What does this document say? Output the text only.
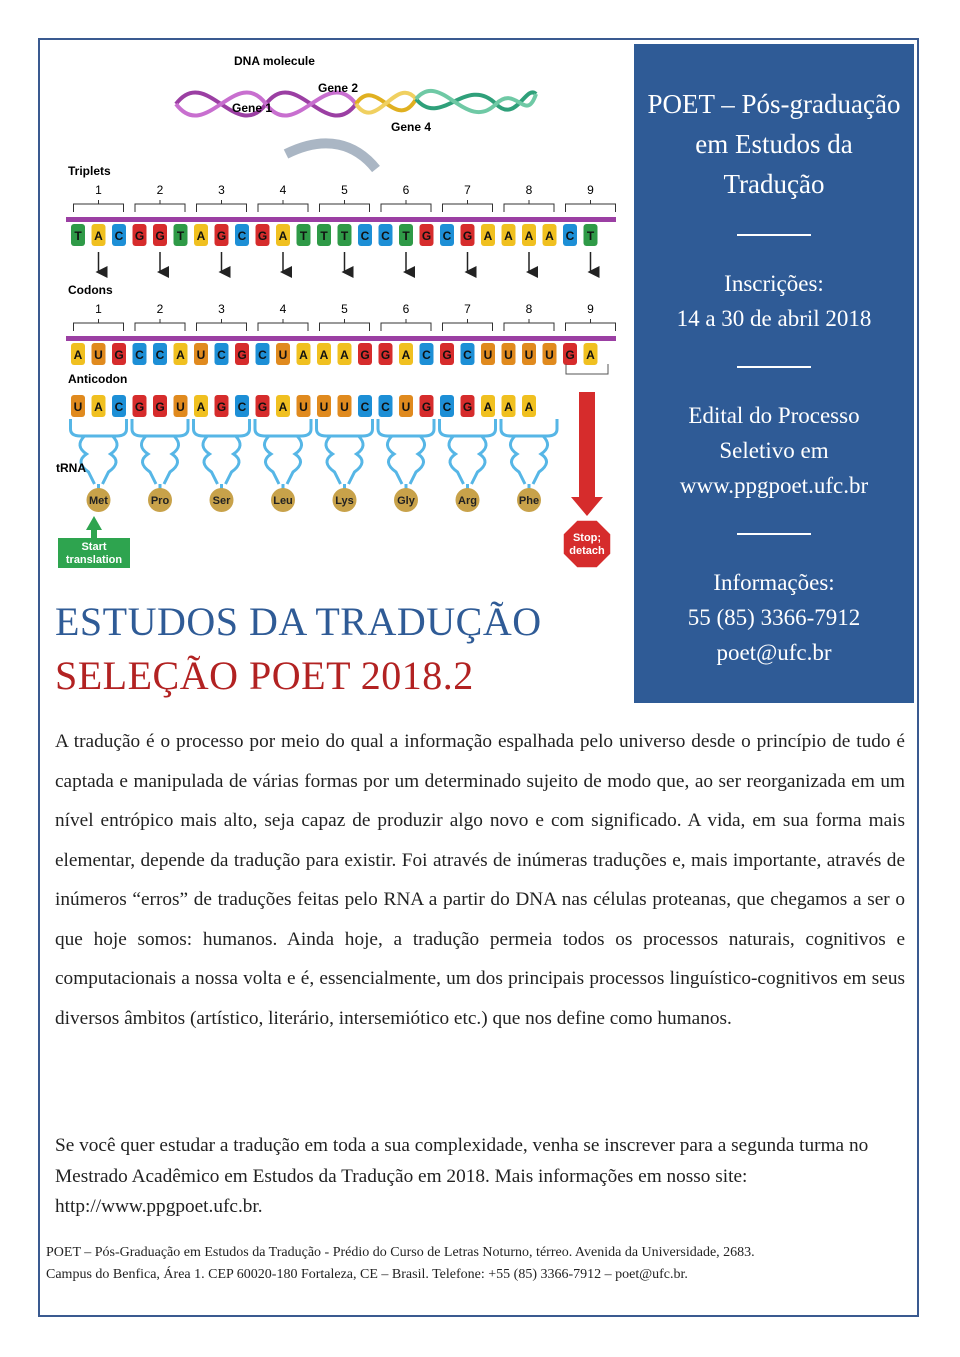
DNA molecule
Gene 1
Gene 2
Gene 4
Triplets
1	2	3	4	5	6	7	8	9
T A C G G T A G C G A T T T C C T G C G A A A A C T
Codons
1	2	3	4	5	6	7	8	9
A U G C C A U C G C U A A A G G A C G C U U U U G A
Anticodon
U A C G G U A G C G A U U U C C U G C G A A A
tRNA
Met	Pro	Ser	Leu	Lys	Gly	Arg	Phe
Start translation
Stop; detach
POET – Pós-graduação em Estudos da Tradução
Inscrições:
14 a 30 de abril 2018
Edital do Processo
Seletivo em
www.ppgpoet.ufc.br
Informações:
55 (85) 3366-7912
poet@ufc.br
ESTUDOS DA TRADUÇÃO
SELEÇÃO POET 2018.2

A tradução é o processo por meio do qual a informação espalhada pelo universo desde o princípio de tudo é captada e manipulada de várias formas por um determinado sujeito de modo que, ao ser reorganizada em um nível entrópico mais alto, seja capaz de produzir algo novo e com significado. A vida, em sua forma mais elementar, depende da tradução para existir. Foi através de inúmeras traduções e, mais importante, através de inúmeros “erros” de traduções feitas pelo RNA a partir do DNA nas células proteanas, que chegamos a ser o que hoje somos: humanos. Ainda hoje, a tradução permeia todos os processos naturais, cognitivos e computacionais a nossa volta e é, essencialmente, um dos principais processos linguístico-cognitivos em seus diversos âmbitos (artístico, literário, intersemiótico etc.) que nos define como humanos.

Se você quer estudar a tradução em toda a sua complexidade, venha se inscrever para a segunda turma no Mestrado Acadêmico em Estudos da Tradução em 2018. Mais informações em nosso site: http://www.ppgpoet.ufc.br.

POET – Pós-Graduação em Estudos da Tradução - Prédio do Curso de Letras Noturno, térreo. Avenida da Universidade, 2683.
Campus do Benfica, Área 1. CEP 60020-180 Fortaleza, CE – Brasil. Telefone: +55 (85) 3366-7912 – poet@ufc.br.
